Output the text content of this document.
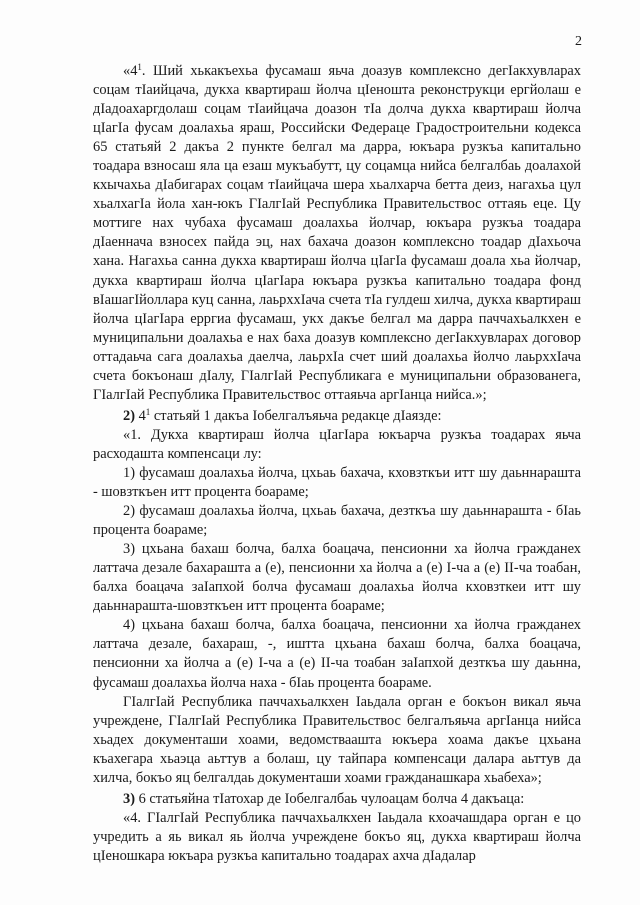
2

«$4^1$. Ший хькакъехьа фусамаш яьча доазув комплексно дегІакхувларах соцам тІаийцача, дукха квартираш йолча цІеношта реконструкци ергйолаш е дІадоахаргдолаш соцам тІаийцача доазон тІа долча дукха квартираш йолча цІагІа фусам доалахьа яраш, Российски Федераце Градостроительни кодекса 65 статьяй 2 дакъа 2 пункте белгал ма дарра, юкъара рузкъа капитально тоадара взносаш яла ца езаш мукъабутт, цу соцамца нийса белгалбаь доалахой кхычахьа дІабигарах соцам тІаийцача шера хьалхарча бетта деиз, нагахьа цул хьалхагІа йола хан-юкъ ГІалгІай Республика Правительствос оттаяь еце. Цу моттиге нах чубаха фусамаш доалахьа йолчар, юкъара рузкъа тоадара дІаеннача взносех пайда эц, нах бахача доазон комплексно тоадар дІахьоча хана. Нагахьа санна дукха квартираш йолча цІагІа фусамаш доала хьа йолчар, дукха квартираш йолча цІагІара юкъара рузкъа капитально тоадара фонд вІашагІйоллара куц санна, лаьрххІача счета тІа гулдеш хилча, дукха квартираш йолча цІагІара ерргиа фусамаш, укх дакъе белгал ма дарра паччахьалкхен е муниципальни доалахьа е нах баха доазув комплексно дегІакхувларах договор оттадаьча сага доалахьа даелча, лаьрхІа счет ший доалахьа йолчо лаьрххІача счета бокъонаш дІалу, ГІалгІай Республикага е муниципальни образованега, ГІалгІай Республика Правительствос оттаяьча аргІанца нийса.»;

2) $4^1$ статьяй 1 дакъа Іобелгалъяьча редакце дІаязде:

«1. Дукха квартираш йолча цІагІара юкъарча рузкъа тоадарах яьча расходашта компенсаци лу:

1) фусамаш доалахьа йолча, цхьаь бахача, кховзткъи итт шу даьннарашта - шовзткъен итт процента боараме;

2) фусамаш доалахьа йолча, цхьаь бахача, дезткъа шу даьннарашта - бІаь процента боараме;

3) цхьана бахаш болча, балха боацача, пенсионни ха йолча гражданех латтача дезале бахарашта а (е), пенсионни ха йолча а (е) I-ча а (е) II-ча тоабан, балха боацача заІапхой болча фусамаш доалахьа йолча кховзткеи итт шу даьннарашта-шовзткъен итт процента боараме;

4) цхьана бахаш болча, балха боацача, пенсионни ха йолча гражданех латтача дезале, бахараш, -, иштта цхьана бахаш болча, балха боацача, пенсионни ха йолча а (е) I-ча а (е) II-ча тоабан заІапхой дезткъа шу даьнна, фусамаш доалахьа йолча наха - бІаь процента боараме.

ГІалгІай Республика паччахьалкхен Іаьдала орган е бокъон викал яьча учреждене, ГІалгІай Республика Правительствос белгалъяьча аргІанца нийса хьадех документаши хоами, ведомстваашта юкъера хоама дакъе цхьана къахегара хьаэца аьттув а болаш, цу тайпара компенсаци далара аьттув да хилча, бокъо яц белгалдаь документаши хоами гражданашкара хьабеха»;

3) 6 статьяйна тІатохар де Іобелгалбаь чулоацам болча 4 дакъаца:

«4. ГІалгІай Республика паччахьалкхен Іаьдала кхоачашдара орган е цо учредить а яь викал яь йолча учреждене бокъо яц, дукха квартираш йолча цІеношкара юкъара рузкъа капитально тоадарах ахча дІадалар
